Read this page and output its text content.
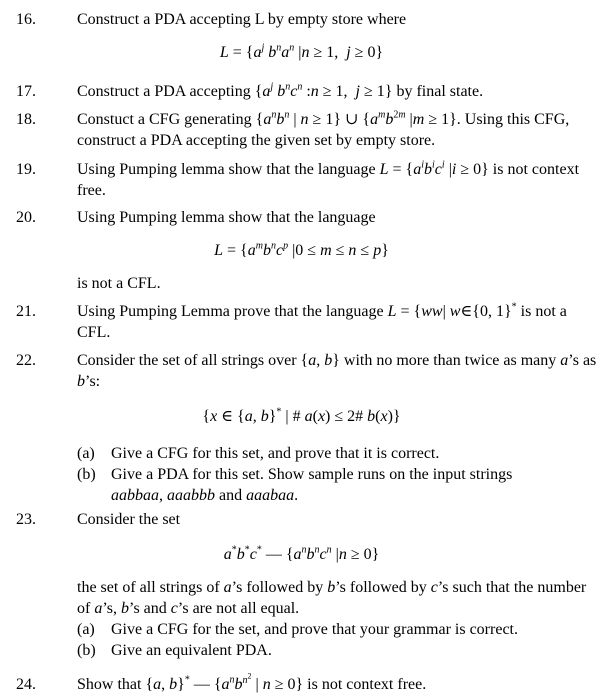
16.	Construct a PDA accepting L by empty store where
$L = \{a^j$ $b^na^n$ |n ≥ 1,  j ≥ 0}
17.	Construct a PDA accepting {$a^j$ $b^nc^n$ :n ≥ 1,  j ≥ 1} by final state.
18.	Constuct a CFG generating {$a^nb^n$ | n ≥ 1} ∪ {$a^mb^{2m}$ |m ≥ 1}. Using this CFG, construct a PDA accepting the given set by empty store.
19.	Using Pumping lemma show that the language $L = \{a^ib^ic^i$ |i ≥ 0} is not context free.
20.	Using Pumping lemma show that the language
$L = \{a^mb^nc^p$ |0 ≤ m ≤ n ≤ p}
is not a CFL.
21.	Using Pumping Lemma prove that the language L = {ww| w∈{0, 1}* is not a CFL.
22.	Consider the set of all strings over {a, b} with no more than twice as many a’s as b’s:
{x ∈ {a, b}* | # a(x) ≤ 2# b(x)}
(a) Give a CFG for this set, and prove that it is correct.
(b) Give a PDA for this set. Show sample runs on the input strings
aabbaa, aaabbb and aaabaa.
23.	Consider the set
a*b*c* — {$a^nb^nc^n$ |n ≥ 0}
the set of all strings of a’s followed by b’s followed by c’s such that the number of a’s, b’s and c’s are not all equal.
(a) Give a CFG for the set, and prove that your grammar is correct.
(b) Give an equivalent PDA.
24.	Show that {a, b}* — {$a^nb^{n^2}$ | n ≥ 0} is not context free.
